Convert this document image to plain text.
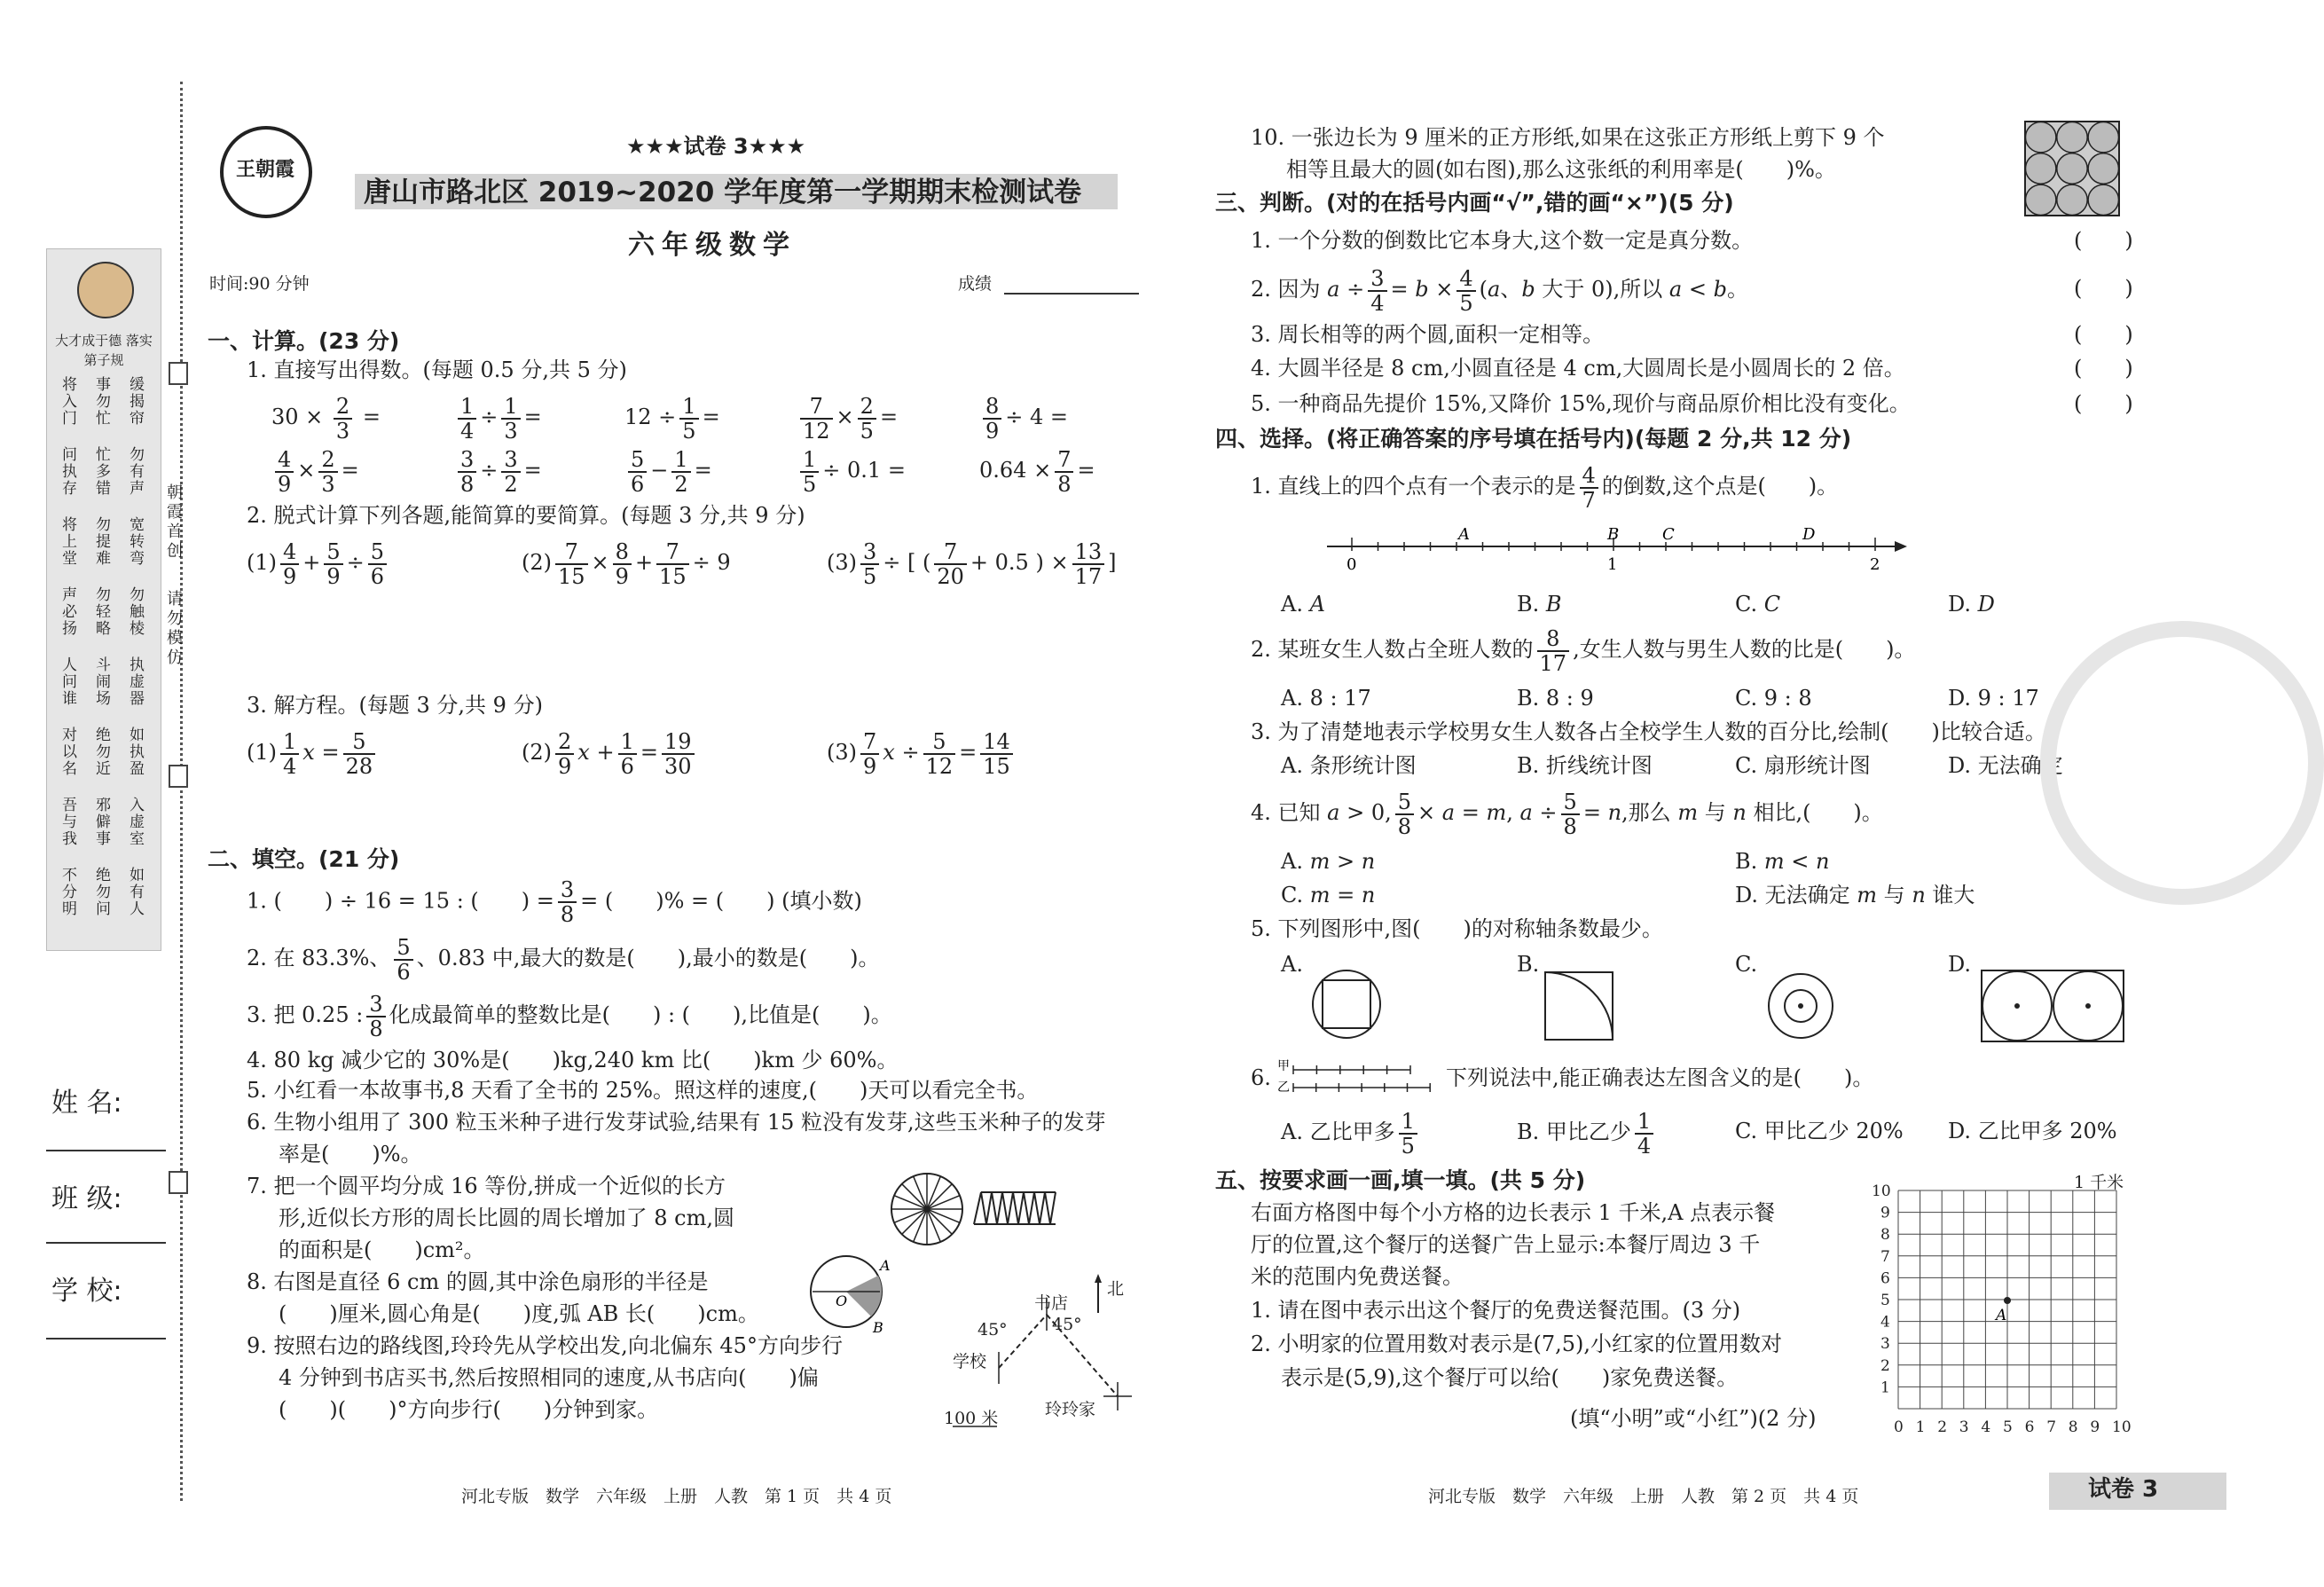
大才成于德 落实第子规
将入门 事勿忙 缓揭帘
问执存 忙多错 勿有声
将上堂 勿提难 宽转弯
声必扬 勿轻略 勿触棱
人问谁 斗闹场 执虚器
对以名 绝勿近 如执盈
吾与我 邪僻事 入虚室
不分明 绝勿问 如有人
朝霞首创
请勿模仿
姓 名:
班 级:
学 校:
王朝霞
★★★试卷 3★★★
唐山市路北区 2019~2020 学年度第一学期期末检测试卷
六年级数学
时间:90 分钟	成绩
一、计算。(23 分)
1. 直接写出得数。(每题 0.5 分,共 5 分)
$30 \times \frac{2}{3}$ =	$\frac{1}{4} \div \frac{1}{3}$ =	$12 \div \frac{1}{5}$ =	$\frac{7}{12} \times \frac{2}{5}$ =	$\frac{8}{9} \div 4$ =
$\frac{4}{9} \times \frac{2}{3}$ =	$\frac{3}{8} \div \frac{3}{2}$ =	$\frac{5}{6} - \frac{1}{2}$ =	$\frac{1}{5} \div 0.1$ =	$0.64 \times \frac{7}{8}$ =
2. 脱式计算下列各题,能简算的要简算。(每题 3 分,共 9 分)
$(1) \frac{4}{9} + \frac{5}{9} \div \frac{5}{6}$	$(2) \frac{7}{15} \times \frac{8}{9} + \frac{7}{15} \div 9$	$(3) \frac{3}{5}$ ÷ [ ( $\frac{7}{20} + 0.5$ ) × $\frac{13}{17}$ ]
3. 解方程。(每题 3 分,共 9 分)
$(1) \frac{1}{4}$ $x = \frac{5}{28}$	$(2) \frac{2}{9}$ $x + \frac{1}{6} = \frac{19}{30}$	$(3) \frac{7}{9}$ $x \div \frac{5}{12} = \frac{14}{15}$
二、填空。(21 分)
1. (　　) ÷ 16 = 15 : (　　) = $\frac{3}{8}$ = (　　)% = (　　) (填小数)
2. 在 83.3%、 $\frac{5}{6}$ 、0.83 中,最大的数是(　　),最小的数是(　　)。
3. 把 0.25 : $\frac{3}{8}$ 化成最简单的整数比是(　　) : (　　),比值是(　　)。
4. 80 kg 减少它的 30%是(　　)kg,240 km 比(　　)km 少 60%。
5. 小红看一本故事书,8 天看了全书的 25%。照这样的速度,(　　)天可以看完全书。
6. 生物小组用了 300 粒玉米种子进行发芽试验,结果有 15 粒没有发芽,这些玉米种子的发芽
率是(　　)%。
7. 把一个圆平均分成 16 等份,拼成一个近似的长方
形,近似长方形的周长比圆的周长增加了 8 cm,圆
的面积是(　　)cm²。
8. 右图是直径 6 cm 的圆,其中涂色扇形的半径是
(　　)厘米,圆心角是(　　)度,弧 AB 长(　　)cm。
9. 按照右边的路线图,玲玲先从学校出发,向北偏东 45°方向步行
4 分钟到书店买书,然后按照相同的速度,从书店向(　　)偏
(　　)(　　)°方向步行(　　)分钟到家。
A
B
O
北
书店
45°	45°
学校
玲玲家
100 米
河北专版　数学　六年级　上册　人教　第 1 页　共 4 页
10. 一张边长为 9 厘米的正方形纸,如果在这张正方形纸上剪下 9 个
相等且最大的圆(如右图),那么这张纸的利用率是(　　)%。
三、判断。(对的在括号内画“√”,错的画“×”)(5 分)
1. 一个分数的倒数比它本身大,这个数一定是真分数。
2. 因为 $a \div \frac{3}{4} = b \times \frac{4}{5} (a$、b 大于 0),所以 a < b。
3. 周长相等的两个圆,面积一定相等。
4. 大圆半径是 8 cm,小圆直径是 4 cm,大圆周长是小圆周长的 2 倍。
5. 一种商品先提价 15%,又降价 15%,现价与商品原价相比没有变化。
(　　)
(　　)
(　　)
(　　)
(　　)
四、选择。(将正确答案的序号填在括号内)(每题 2 分,共 12 分)
1. 直线上的四个点有一个表示的是 $\frac{4}{7}$ 的倒数,这个点是(　　)。
0	1	2
A	B	C	D
A. A	B. B	C. C	D. D
2. 某班女生人数占全班人数的 $\frac{8}{17}$ ,女生人数与男生人数的比是(　　)。
A. 8 : 17	B. 8 : 9	C. 9 : 8	D. 9 : 17
3. 为了清楚地表示学校男女生人数各占全校学生人数的百分比,绘制(　　)比较合适。
A. 条形统计图	B. 折线统计图	C. 扇形统计图	D. 无法确定
4. 已知 a > 0, $\frac{5}{8} \times a = m$, $a \div \frac{5}{8} = n$,那么 m 与 n 相比,(　　)。
A. m > n	B. m < n
C. m = n	D. 无法确定 m 与 n 谁大
5. 下列图形中,图(　　)的对称轴条数最少。
A.	B.	C.	D.
6. 甲
乙	下列说法中,能正确表达左图含义的是(　　)。
A. 乙比甲多 $\frac{1}{5}$	B. 甲比乙少 $\frac{1}{4}$	C. 甲比乙少 20% D. 乙比甲多 20%
五、按要求画一画,填一填。(共 5 分)
右面方格图中每个小方格的边长表示 1 千米,A 点表示餐
厅的位置,这个餐厅的送餐广告上显示:本餐厅周边 3 千
米的范围内免费送餐。
1. 请在图中表示出这个餐厅的免费送餐范围。(3 分)
2. 小明家的位置用数对表示是(7,5),小红家的位置用数对
表示是(5,9),这个餐厅可以给(　　)家免费送餐。
(填“小明”或“小红”)(2 分)	0 1
1
2
2
3
3
4
4
5
5
6
6
7
7
8
8
9
9
10
10
A
1 千米
河北专版　数学　六年级　上册　人教　第 2 页　共 4 页	试卷 3
